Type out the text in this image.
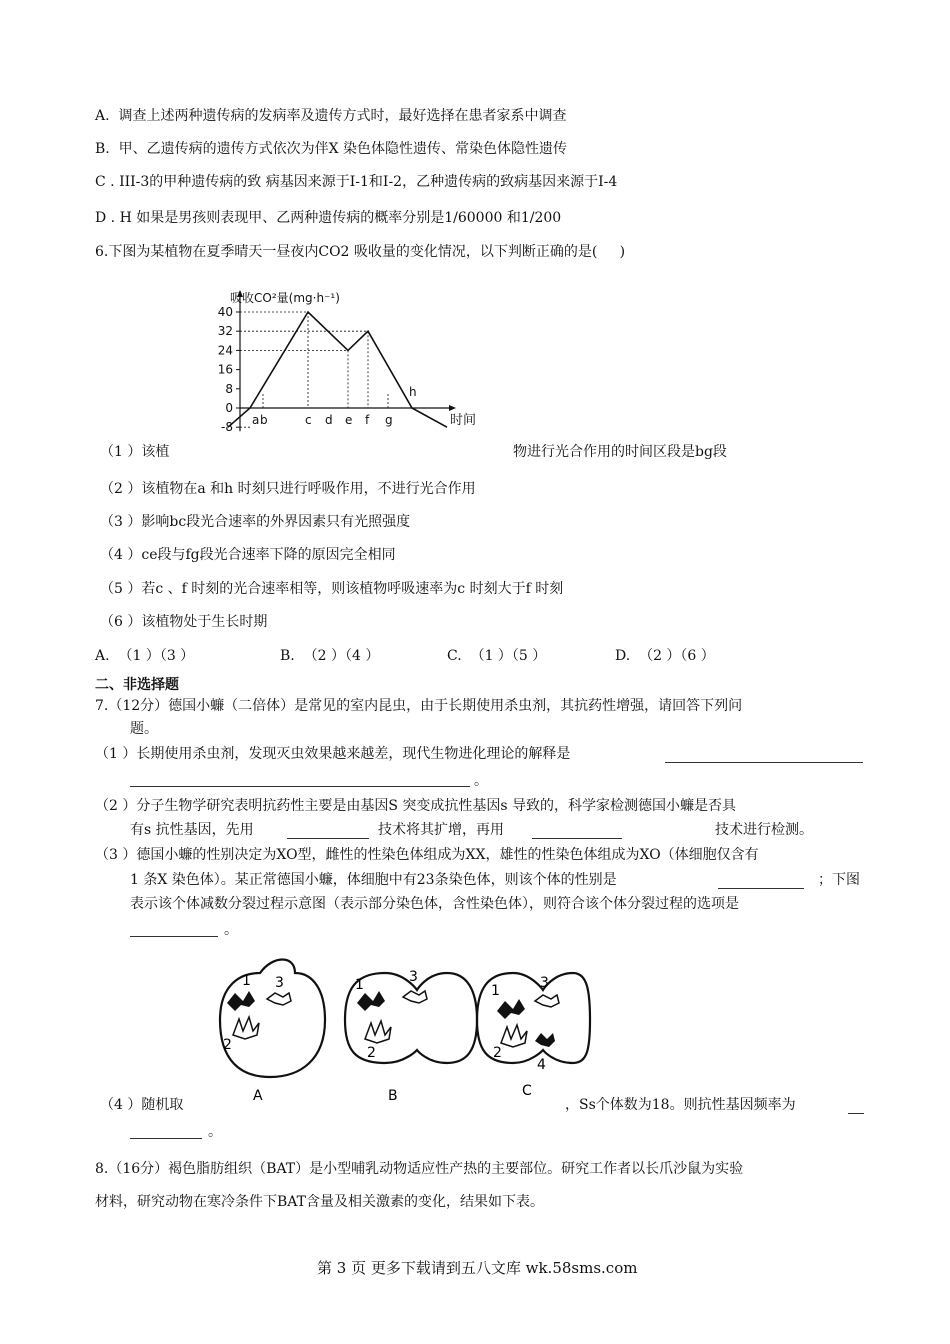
A.  调查上述两种遗传病的发病率及遗传方式时，最好选择在患者家系中调查
B.  甲、乙遗传病的遗传方式依次为伴X 染色体隐性遗传、常染色体隐性遗传
C . III-3的甲种遗传病的致 病基因来源于Ⅰ-1和Ⅰ-2，乙种遗传病的致病基因来源于Ⅰ-4
D . H 如果是男孩则表现甲、乙两种遗传病的概率分别是1/60000 和1/200
6.下图为某植物在夏季晴天一昼夜内CO2 吸收量的变化情况，以下判断正确的是(     )
40
32
24
16
8
0
-8
吸收CO²量(mg·h⁻¹)
时间
a b	c d e f g
h
（1 ）该植	物进行光合作用的时间区段是bg段
（2 ）该植物在a 和h 时刻只进行呼吸作用，不进行光合作用
（3 ）影响bc段光合速率的外界因素只有光照强度
（4 ）ce段与fg段光合速率下降的原因完全相同
（5 ）若c 、f 时刻的光合速率相等，则该植物呼吸速率为c 时刻大于f 时刻
（6 ）该植物处于生长时期
A.  （1 ）（3 ）	B.  （2 ）（4 ）	C.  （1 ）（5 ）	D.  （2 ）（6 ）
二、非选择题
7.（12分）德国小蠊（二倍体）是常见的室内昆虫，由于长期使用杀虫剂，其抗药性增强，请回答下列问
题。
（1 ）长期使用杀虫剂，发现灭虫效果越来越差，现代生物进化理论的解释是
。
（2 ）分子生物学研究表明抗药性主要是由基因S 突变成抗性基因s 导致的，科学家检测德国小蠊是否具
有s 抗性基因，先用	技术将其扩增，再用	技术进行检测。
（3 ）德国小蠊的性别决定为XO型，雌性的性染色体组成为XX，雄性的性染色体组成为XO（体细胞仅含有
1 条X 染色体）。某正常德国小蠊，体细胞中有23条染色体，则该个体的性别是	；下图
表示该个体减数分裂过程示意图（表示部分染色体，含性染色体），则符合该个体分裂过程的选项是
。
1 3
2
A
1	3
2
B
1	3
2
4
C
（4 ）随机取	，Ss个体数为18。则抗性基因频率为
。
8.（16分）褐色脂肪组织（BAT）是小型哺乳动物适应性产热的主要部位。研究工作者以长爪沙鼠为实验
材料，研究动物在寒冷条件下BAT含量及相关激素的变化，结果如下表。
第 3 页 更多下载请到五八文库 wk.58sms.com
